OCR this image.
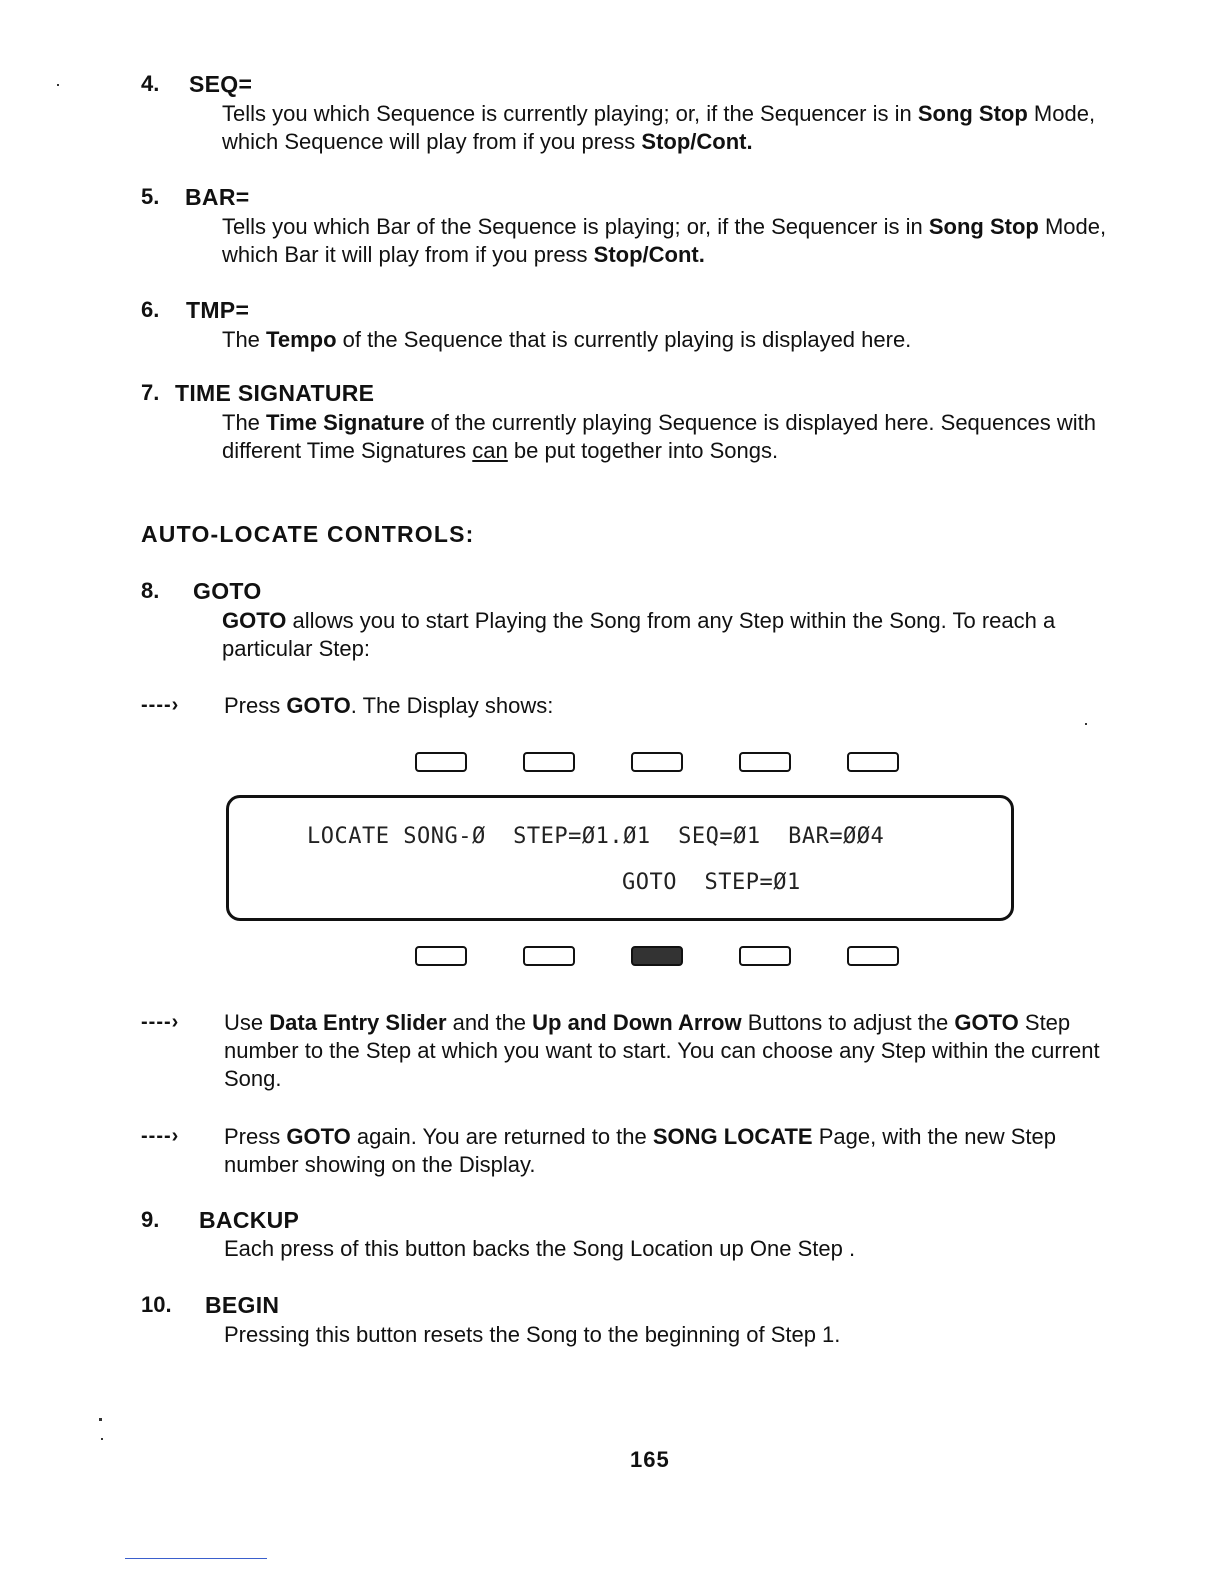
4. SEQ=
Tells you which Sequence is currently playing; or, if the Sequencer is in Song Stop Mode, which Sequence will play from if you press Stop/Cont.
5. BAR=
Tells you which Bar of the Sequence is playing; or, if the Sequencer is in Song Stop Mode, which Bar it will play from if you press Stop/Cont.
6. TMP=
The Tempo of the Sequence that is currently playing is displayed here.
7. TIME SIGNATURE
The Time Signature of the currently playing Sequence is displayed here. Sequences with different Time Signatures can be put together into Songs.
AUTO-LOCATE CONTROLS:
8. GOTO
GOTO allows you to start Playing the Song from any Step within the Song. To reach a particular Step:
----› Press GOTO. The Display shows:
LOCATE SONG-Ø  STEP=Ø1.Ø1  SEQ=Ø1  BAR=ØØ4
GOTO  STEP=Ø1
----› Use Data Entry Slider and the Up and Down Arrow Buttons to adjust the GOTO Step number to the Step at which you want to start. You can choose any Step within the current Song.
----› Press GOTO again. You are returned to the SONG LOCATE Page, with the new Step number showing on the Display.
9. BACKUP
Each press of this button backs the Song Location up One Step .
10. BEGIN
Pressing this button resets the Song to the beginning of Step 1.
165
